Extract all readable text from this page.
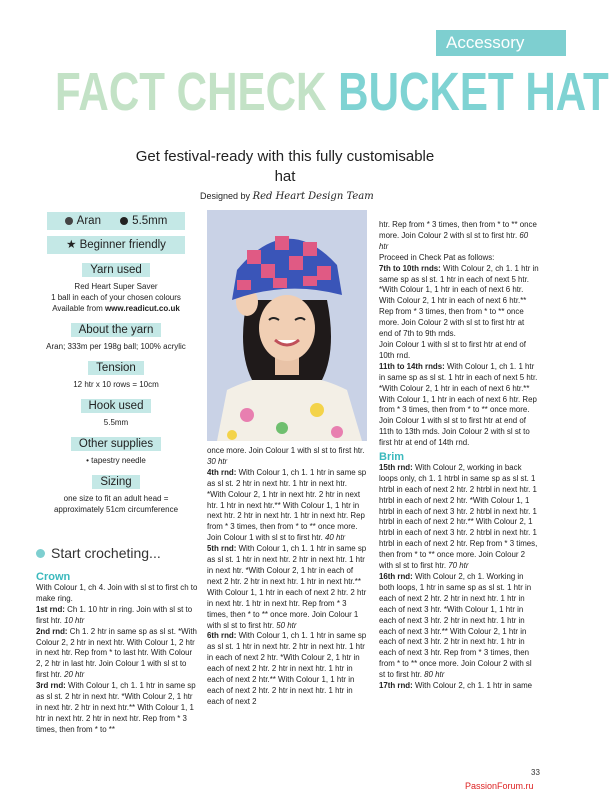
Accessory
FACT CHECK BUCKET HAT
Get festival-ready with this fully customisable hat
Designed by Red Heart Design Team
Aran	5.5mm
★ Beginner friendly
Yarn used
Red Heart Super Saver
1 ball in each of your chosen colours
Available from www.readicut.co.uk
About the yarn
Aran; 333m per 198g ball; 100% acrylic
Tension
12 htr x 10 rows = 10cm
Hook used
5.5mm
Other supplies
• tapestry needle
Sizing
one size to fit an adult head =
approximately 51cm circumference
Start crocheting...
Crown

With Colour 1, ch 4. Join with sl st to first ch to make ring.

1st rnd: Ch 1. 10 htr in ring. Join with sl st to first htr. 10 htr

2nd rnd: Ch 1. 2 htr in same sp as sl st. *With Colour 2, 2 htr in next htr. With Colour 1, 2 htr in next htr. Rep from * to last htr. With Colour 2, 2 htr in last htr. Join Colour 1 with sl st to first htr. 20 htr

3rd rnd: With Colour 1, ch 1. 1 htr in same sp as sl st. 2 htr in next htr. *With Colour 2, 1 htr in next htr. 2 htr in next htr.** With Colour 1, 1 htr in next htr. 2 htr in next htr. Rep from * 3 times, then from * to **

once more. Join Colour 1 with sl st to first htr. 30 htr

4th rnd: With Colour 1, ch 1. 1 htr in same sp as sl st. 2 htr in next htr. 1 htr in next htr. *With Colour 2, 1 htr in next htr. 2 htr in next htr. 1 htr in next htr.** With Colour 1, 1 htr in next htr. 2 htr in next htr. 1 htr in next htr. Rep from * 3 times, then from * to ** once more. Join Colour 1 with sl st to first htr. 40 htr

5th rnd: With Colour 1, ch 1. 1 htr in same sp as sl st. 1 htr in next htr. 2 htr in next htr. 1 htr in next htr. *With Colour 2, 1 htr in each of next 2 htr. 2 htr in next htr. 1 htr in next htr.** With Colour 1, 1 htr in each of next 2 htr. 2 htr in next htr. 1 htr in next htr. Rep from * 3 times, then * to ** once more. Join Colour 1 with sl st to first htr. 50 htr

6th rnd: With Colour 1, ch 1. 1 htr in same sp as sl st. 1 htr in next htr. 2 htr in next htr. 1 htr in each of next 2 htr. *With Colour 2, 1 htr in each of next 2 htr. 2 htr in next htr. 1 htr in each of next 2 htr.** With Colour 1, 1 htr in each of next 2 htr. 2 htr in next htr. 1 htr in each of next 2

htr. Rep from * 3 times, then from * to ** once more. Join Colour 2 with sl st to first htr. 60 htr

Proceed in Check Pat as follows:

7th to 10th rnds: With Colour 2, ch 1. 1 htr in same sp as sl st. 1 htr in each of next 5 htr. *With Colour 1, 1 htr in each of next 6 htr. With Colour 2, 1 htr in each of next 6 htr.** Rep from * 3 times, then from * to ** once more. Join Colour 2 with sl st to first htr at end of 7th to 9th rnds.

Join Colour 1 with sl st to first htr at end of 10th rnd.

11th to 14th rnds: With Colour 1, ch 1. 1 htr in same sp as sl st. 1 htr in each of next 5 htr. *With Colour 2, 1 htr in each of next 6 htr.** With Colour 1, 1 htr in each of next 6 htr. Rep from * 3 times, then from * to ** once more. Join Colour 1 with sl st to first htr at end of 11th to 13th rnds. Join Colour 2 with sl st to first htr at end of 14th rnd.

Brim

15th rnd: With Colour 2, working in back loops only, ch 1. 1 htrbl in same sp as sl st. 1 htrbl in each of next 2 htr. 2 htrbl in next htr. 1 htrbl in each of next 2 htr. *With Colour 1, 1 htrbl in each of next 3 htr. 2 htrbl in next htr. 1 htrbl in each of next 2 htr.** With Colour 2, 1 htrbl in each of next 3 htr. 2 htrbl in next htr. 1 htrbl in each of next 2 htr. Rep from * 3 times, then from * to ** once more. Join Colour 2 with sl st to first htr. 70 htr

16th rnd: With Colour 2, ch 1. Working in both loops, 1 htr in same sp as sl st. 1 htr in each of next 2 htr. 2 htr in next htr. 1 htr in each of next 3 htr. *With Colour 1, 1 htr in each of next 3 htr. 2 htr in next htr. 1 htr in each of next 3 htr.** With Colour 2, 1 htr in each of next 3 htr. 2 htr in next htr. 1 htr in each of next 3 htr. Rep from * 3 times, then from * to ** once more. Join Colour 2 with sl st to first htr. 80 htr

17th rnd: With Colour 2, ch 1. 1 htr in same

33
PassionForum.ru
